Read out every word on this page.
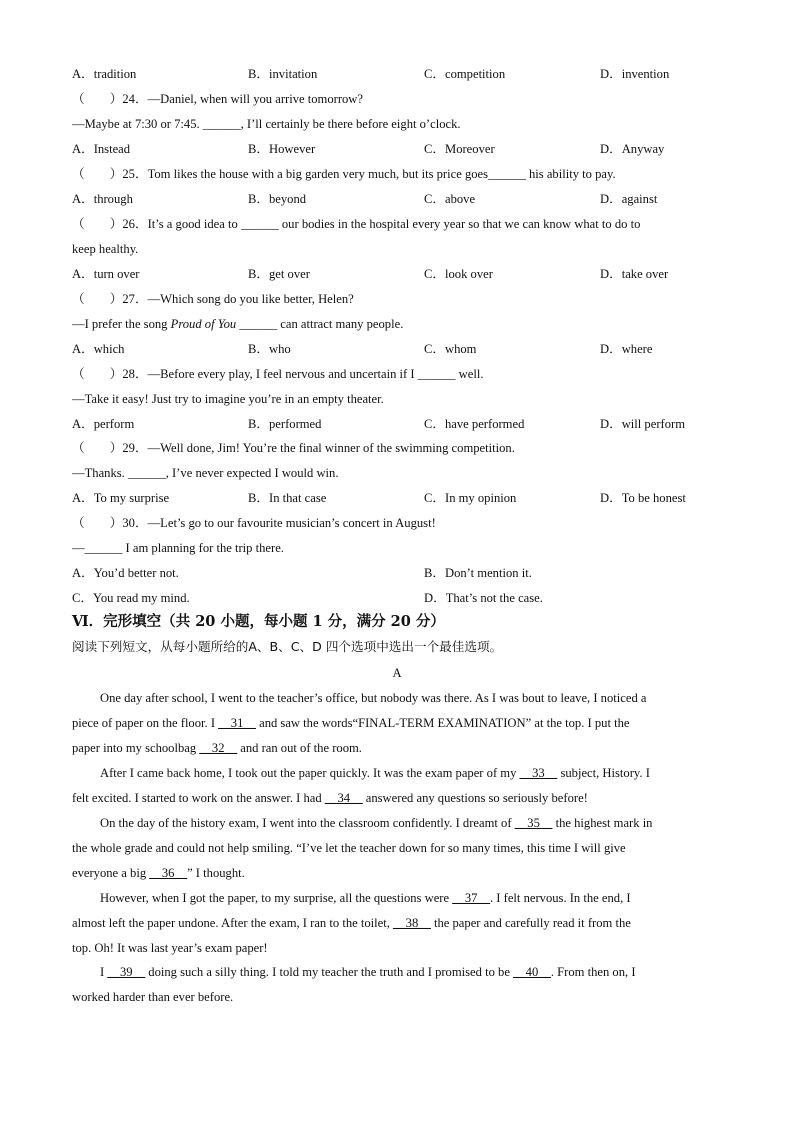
A．tradition	B．invitation	C．competition	D．invention
（　　）24．—Daniel, when will you arrive tomorrow?
—Maybe at 7:30 or 7:45. ______, I’ll certainly be there before eight o’clock.
A．Instead	B．However	C．Moreover	D．Anyway
（　　）25．Tom likes the house with a big garden very much, but its price goes______ his ability to pay.
A．through	B．beyond	C．above	D．against
（　　）26．It’s a good idea to ______ our bodies in the hospital every year so that we can know what to do to
keep healthy.
A．turn over	B．get over	C．look over	D．take over
（　　）27．—Which song do you like better, Helen?
—I prefer the song Proud of You ______ can attract many people.
A．which	B．who	C．whom	D．where
（　　）28．—Before every play, I feel nervous and uncertain if I ______ well.
—Take it easy! Just try to imagine you’re in an empty theater.
A．perform	B．performed	C．have performed	D．will perform
（　　）29．—Well done, Jim! You’re the final winner of the swimming competition.
—Thanks. ______, I’ve never expected I would win.
A．To my surprise	B．In that case	C．In my opinion	D．To be honest
（　　）30．—Let’s go to our favourite musician’s concert in August!
—______ I am planning for the trip there.
A．You’d better not.	B．Don’t mention it.
C．You read my mind.	D．That’s not the case.
Ⅵ．完形填空（共 20 小题，每小题 1 分，满分 20 分）
阅读下列短文，从每小题所给的A、B、C、D 四个选项中选出一个最佳选项。
A
One day after school, I went to the teacher’s office, but nobody was there. As I was bout to leave, I noticed a
piece of paper on the floor. I __31__ and saw the words“FINAL-TERM EXAMINATION” at the top. I put the
paper into my schoolbag __32__ and ran out of the room.
After I came back home, I took out the paper quickly. It was the exam paper of my __33__ subject, History. I
felt excited. I started to work on the answer. I had __34__ answered any questions so seriously before!
On the day of the history exam, I went into the classroom confidently. I dreamt of __35__ the highest mark in
the whole grade and could not help smiling. “I’ve let the teacher down for so many times, this time I will give
everyone a big __36__” I thought.
However, when I got the paper, to my surprise, all the questions were __37__. I felt nervous. In the end, I
almost left the paper undone. After the exam, I ran to the toilet, __38__ the paper and carefully read it from the
top. Oh! It was last year’s exam paper!
I __39__ doing such a silly thing. I told my teacher the truth and I promised to be __40__. From then on, I
worked harder than ever before.
